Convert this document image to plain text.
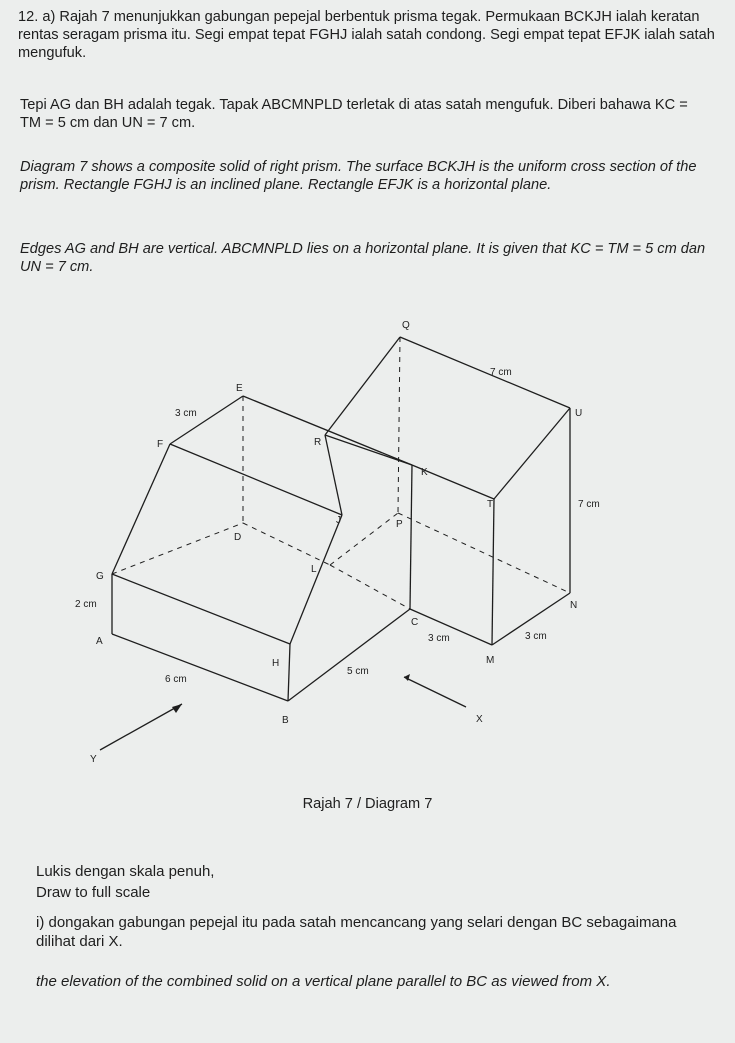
12. a) Rajah 7 menunjukkan gabungan pepejal berbentuk prisma tegak. Permukaan BCKJH ialah keratan rentas seragam prisma itu. Segi empat tepat FGHJ ialah satah condong. Segi empat tepat EFJK ialah satah mengufuk.

Tepi AG dan BH adalah tegak. Tapak ABCMNPLD terletak di atas satah mengufuk. Diberi bahawa KC = TM = 5 cm dan UN = 7 cm.

Diagram 7 shows a composite solid of right prism. The surface BCKJH is the uniform cross section of the prism. Rectangle FGHJ is an inclined plane. Rectangle EFJK is a horizontal plane.

Edges AG and BH are vertical. ABCMNPLD lies on a horizontal plane. It is given that KC = TM = 5 cm dan UN = 7 cm.

Q
E
F	R
U
K
T
J	P
D
L
G
N
C
A
M
H
B	X
Y
7 cm
3 cm
7 cm
2 cm
3 cm	3 cm
6 cm
5 cm
Rajah 7 / Diagram 7
Lukis dengan skala penuh,
Draw to full scale
i) dongakan gabungan pepejal itu pada satah mencancang yang selari dengan BC sebagaimana dilihat dari X.
the elevation of the combined solid on a vertical plane parallel to BC as viewed from X.
